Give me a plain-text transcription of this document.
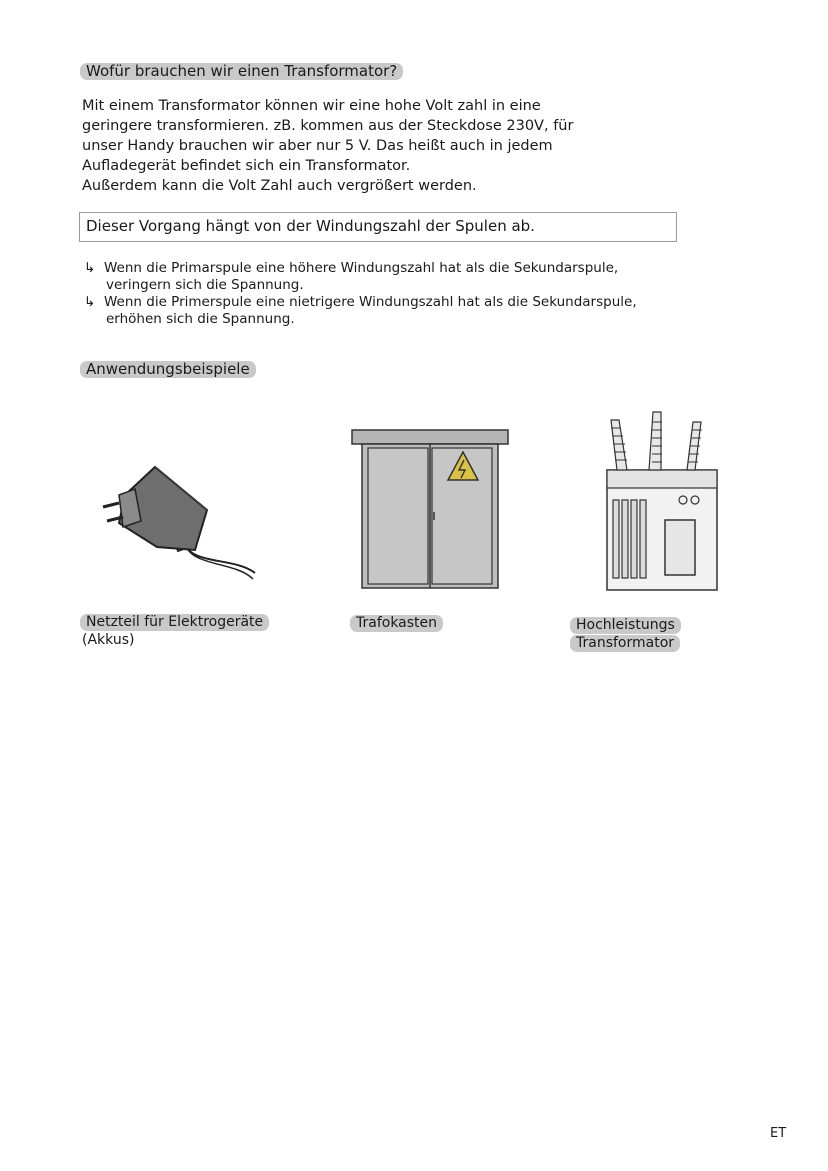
Wofür brauchen wir einen Transformator?
Mit einem Transformator können wir eine hohe Volt zahl in eine
geringere transformieren. zB. kommen aus der Steckdose 230V, für
unser Handy brauchen wir aber nur 5 V. Das heißt auch in jedem
Aufladegerät befindet sich ein Transformator.
Außerdem kann die Volt Zahl auch vergrößert werden.
Dieser Vorgang hängt von der Windungszahl der Spulen ab.
↳ Wenn die Primarspule eine höhere Windungszahl hat als die Sekundarspule,
veringern sich die Spannung.
↳ Wenn die Primerspule eine nietrigere Windungszahl hat als die Sekundarspule,
erhöhen sich die Spannung.
Anwendungsbeispiele
Netzteil für Elektrogeräte
(Akkus)
Trafokasten	Hochleistungs
Transformator
ET
